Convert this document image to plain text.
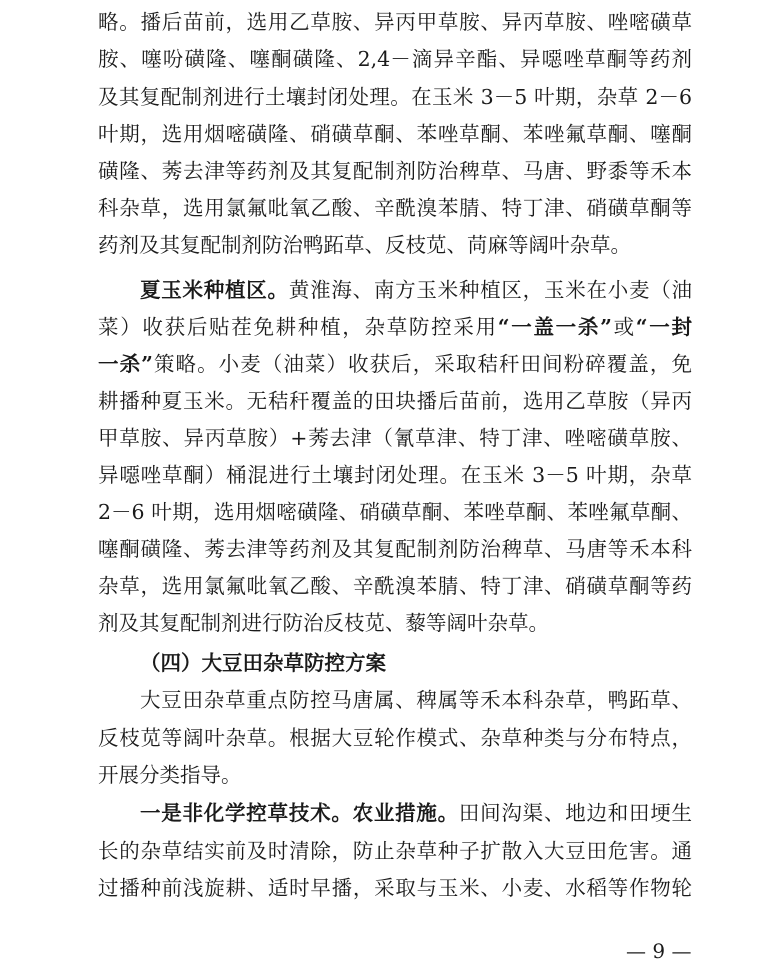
略。播后苗前，选用乙草胺、异丙甲草胺、异丙草胺、唑嘧磺草
胺、噻吩磺隆、噻酮磺隆、2,4－滴异辛酯、异噁唑草酮等药剂
及其复配制剂进行土壤封闭处理。在玉米 3－5 叶期，杂草 2－6
叶期，选用烟嘧磺隆、硝磺草酮、苯唑草酮、苯唑氟草酮、噻酮
磺隆、莠去津等药剂及其复配制剂防治稗草、马唐、野黍等禾本
科杂草，选用氯氟吡氧乙酸、辛酰溴苯腈、特丁津、硝磺草酮等
药剂及其复配制剂防治鸭跖草、反枝苋、苘麻等阔叶杂草。
夏玉米种植区。黄淮海、南方玉米种植区，玉米在小麦（油
菜）收获后贴茬免耕种植，杂草防控采用“一盖一杀”或“一封
一杀”策略。小麦（油菜）收获后，采取秸秆田间粉碎覆盖，免
耕播种夏玉米。无秸秆覆盖的田块播后苗前，选用乙草胺（异丙
甲草胺、异丙草胺）+莠去津（氰草津、特丁津、唑嘧磺草胺、
异噁唑草酮）桶混进行土壤封闭处理。在玉米 3－5 叶期，杂草
2－6 叶期，选用烟嘧磺隆、硝磺草酮、苯唑草酮、苯唑氟草酮、
噻酮磺隆、莠去津等药剂及其复配制剂防治稗草、马唐等禾本科
杂草，选用氯氟吡氧乙酸、辛酰溴苯腈、特丁津、硝磺草酮等药
剂及其复配制剂进行防治反枝苋、藜等阔叶杂草。
（四）大豆田杂草防控方案
大豆田杂草重点防控马唐属、稗属等禾本科杂草，鸭跖草、
反枝苋等阔叶杂草。根据大豆轮作模式、杂草种类与分布特点，
开展分类指导。
一是非化学控草技术。农业措施。田间沟渠、地边和田埂生
长的杂草结实前及时清除，防止杂草种子扩散入大豆田危害。通
过播种前浅旋耕、适时早播，采取与玉米、小麦、水稻等作物轮
— 9 —
